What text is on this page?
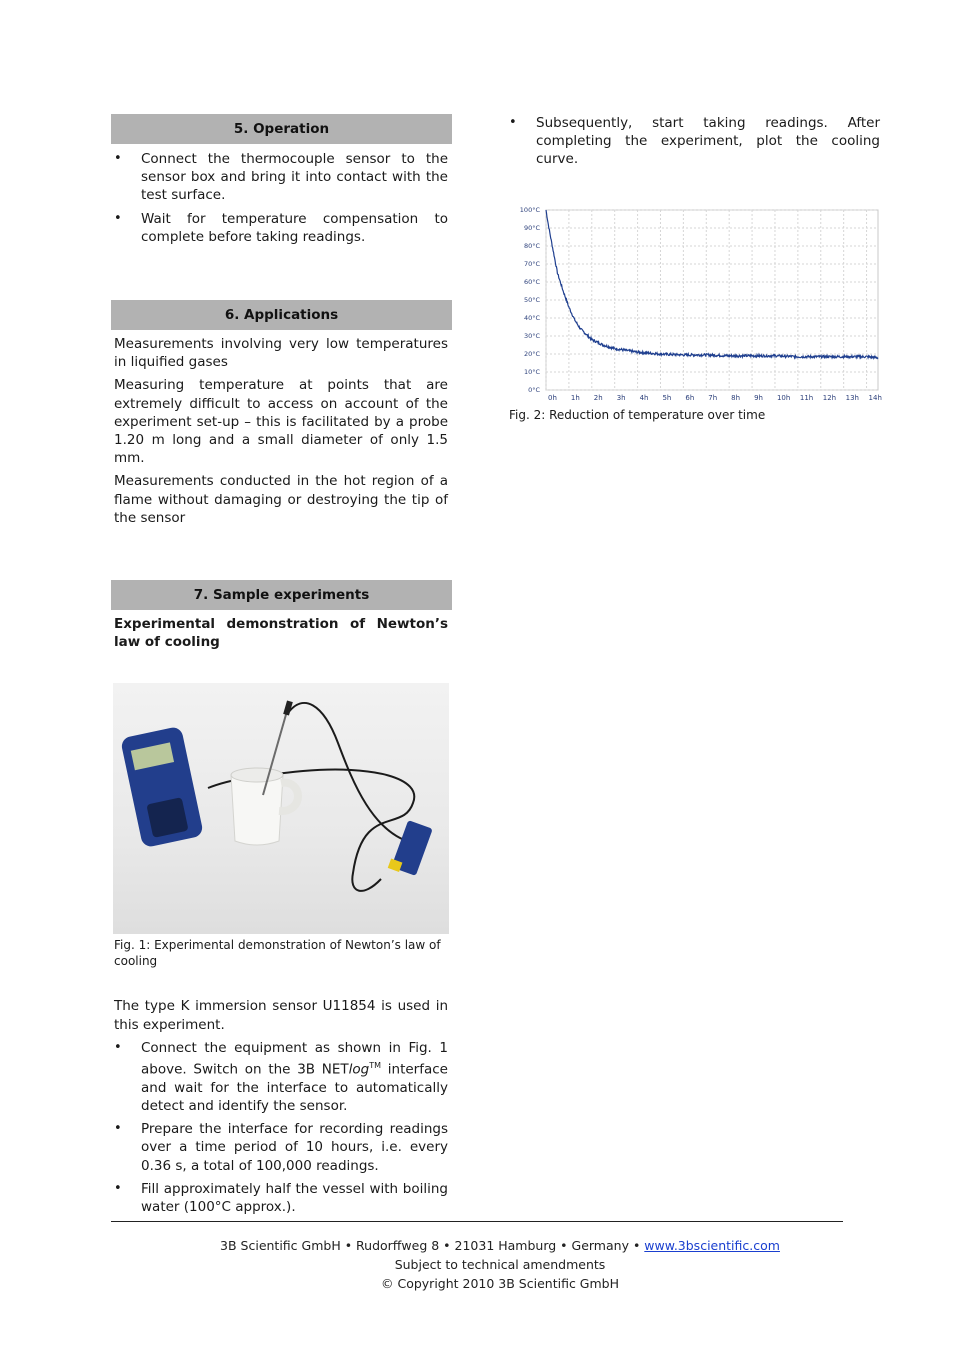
5. Operation
• Connect the thermocouple sensor to the sensor box and bring it into contact with the test surface.
• Wait for temperature compensation to complete before taking readings.
6. Applications

Measurements involving very low temperatures in liquified gases

Measuring temperature at points that are extremely difficult to access on account of the experiment set-up – this is facilitated by a probe 1.20 m long and a small diameter of only 1.5 mm.

Measurements conducted in the hot region of a flame without damaging or destroying the tip of the sensor

7. Sample experiments

Experimental demonstration of Newton’s law of cooling

Fig. 1: Experimental demonstration of Newton’s law of cooling

The type K immersion sensor U11854 is used in this experiment.

• Connect the equipment as shown in Fig. 1 above. Switch on the 3B NETlog™ interface and wait for the interface to automatically detect and identify the sensor.
• Prepare the interface for recording readings over a time period of 10 hours, i.e. every 0.36 s, a total of 100,000 readings.
• Fill approximately half the vessel with boiling water (100°C approx.).
• Subsequently, start taking readings. After completing the experiment, plot the cooling curve.
0°C
10°C
20°C
30°C
40°C
50°C
60°C
70°C
80°C
90°C
100°C
0h 1h 2h 3h 4h 5h 6h 7h 8h 9h 10h 11h 12h 13h 14h
Fig. 2: Reduction of temperature over time
3B Scientific GmbH • Rudorffweg 8 • 21031 Hamburg • Germany • www.3bscientific.com
Subject to technical amendments
© Copyright 2010 3B Scientific GmbH
